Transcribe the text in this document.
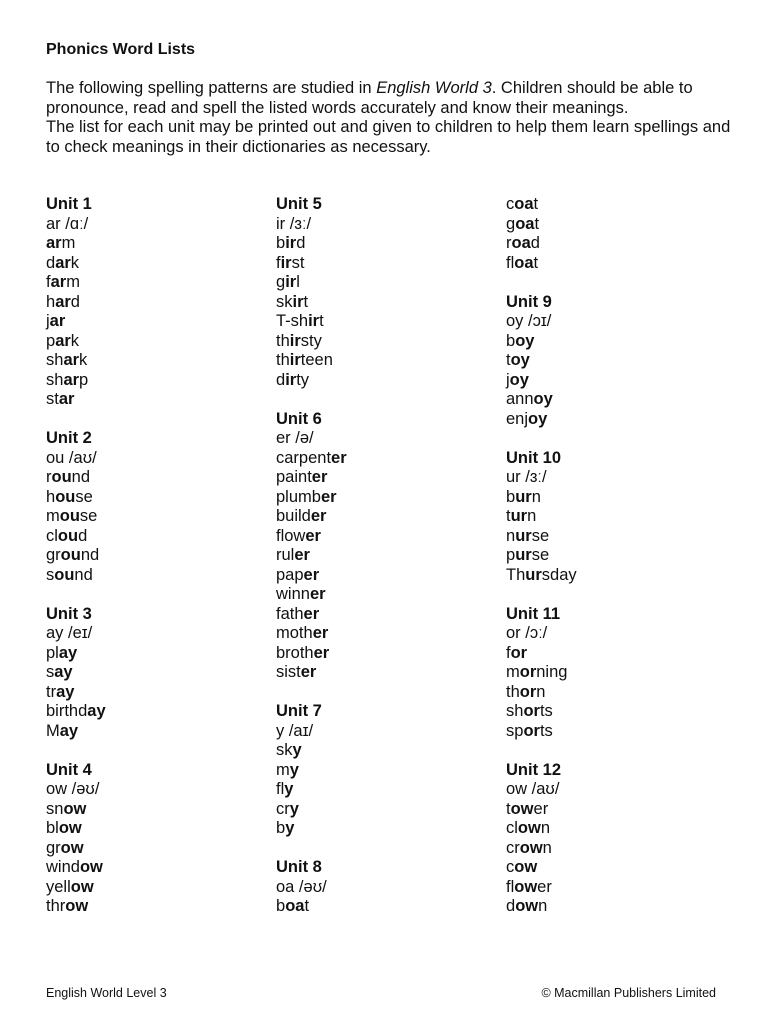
Phonics Word Lists

The following spelling patterns are studied in English World 3. Children should be able to pronounce, read and spell the listed words accurately and know their meanings.

The list for each unit may be printed out and given to children to help them learn spellings and to check meanings in their dictionaries as necessary.

Unit 1
ar /ɑː/
arm
dark
farm
hard
jar
park
shark
sharp
star
Unit 2
ou /aʊ/
round
house
mouse
cloud
ground
sound
Unit 3
ay /eɪ/
play
say
tray
birthday
May
Unit 4
ow /əʊ/
snow
blow
grow
window
yellow
throw
Unit 5
ir /ɜː/
bird
first
girl
skirt
T-shirt
thirsty
thirteen
dirty
Unit 6
er /ə/
carpenter
painter
plumber
builder
flower
ruler
paper
winner
father
mother
brother
sister
Unit 7
y /aɪ/
sky
my
fly
cry
by
Unit 8
oa /əʊ/
boat
coat
goat
road
float
Unit 9
oy /ɔɪ/
boy
toy
joy
annoy
enjoy
Unit 10
ur /ɜː/
burn
turn
nurse
purse
Thursday
Unit 11
or /ɔː/
for
morning
thorn
shorts
sports
Unit 12
ow /aʊ/
tower
clown
crown
cow
flower
down
English World Level 3	© Macmillan Publishers Limited
